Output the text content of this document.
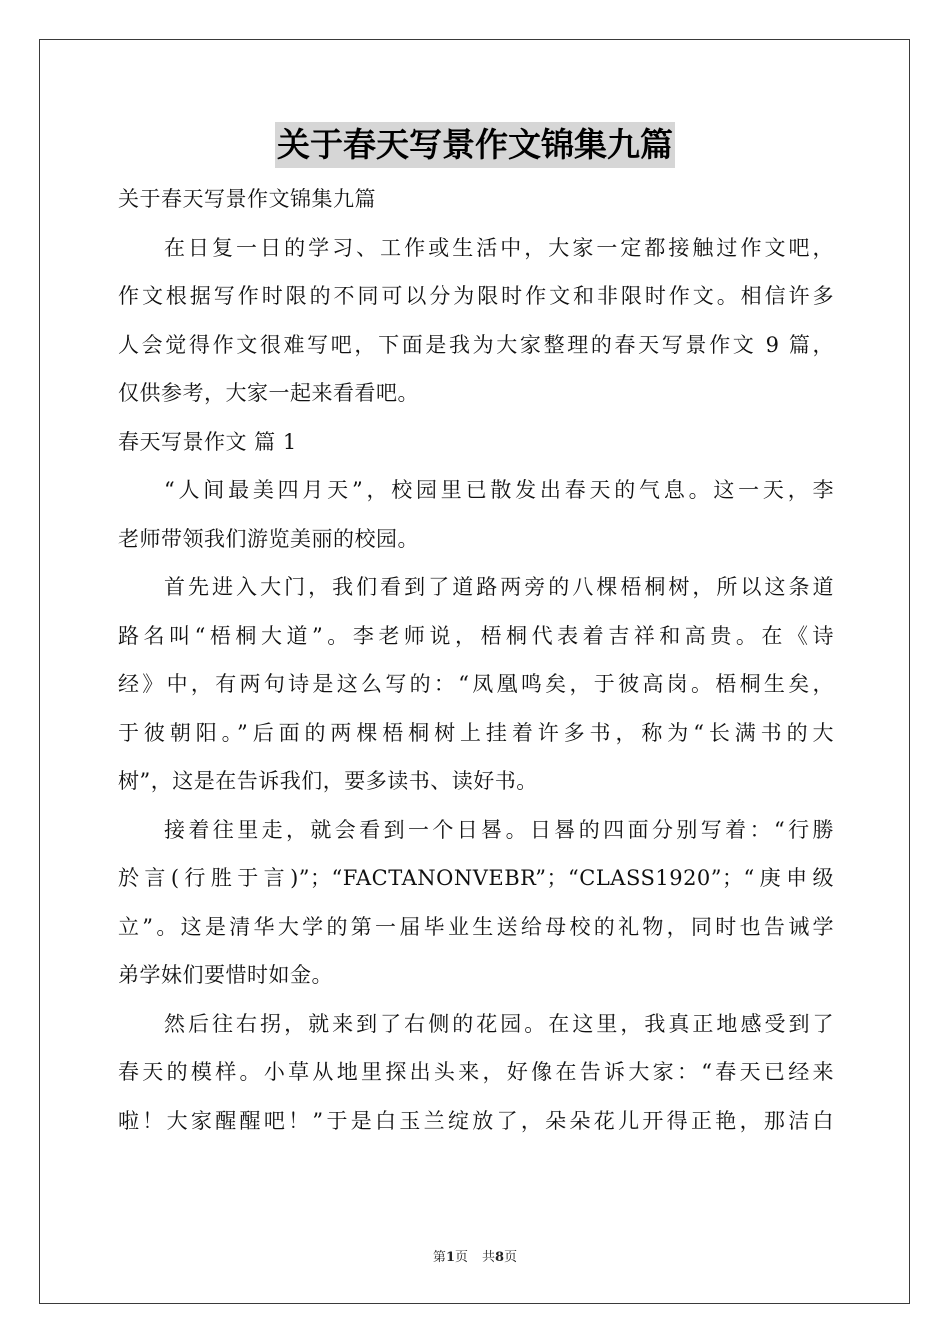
关于春天写景作文锦集九篇
关于春天写景作文锦集九篇
在日复一日的学习、工作或生活中，大家一定都接触过作文吧，
作文根据写作时限的不同可以分为限时作文和非限时作文。相信许多
人会觉得作文很难写吧，下面是我为大家整理的春天写景作文 9 篇，
仅供参考，大家一起来看看吧。
春天写景作文 篇 1
“人间最美四月天”，校园里已散发出春天的气息。这一天，李
老师带领我们游览美丽的校园。
首先进入大门，我们看到了道路两旁的八棵梧桐树，所以这条道
路名叫“梧桐大道”。李老师说，梧桐代表着吉祥和高贵。在《诗
经》中，有两句诗是这么写的：“凤凰鸣矣，于彼高岗。梧桐生矣，
于彼朝阳。”后面的两棵梧桐树上挂着许多书，称为“长满书的大
树”，这是在告诉我们，要多读书、读好书。
接着往里走，就会看到一个日晷。日晷的四面分别写着：“行勝
於言(行胜于言)”；“FACTANONVEBR”；“CLASS1920”；“庚申级
立”。这是清华大学的第一届毕业生送给母校的礼物，同时也告诫学
弟学妹们要惜时如金。
然后往右拐，就来到了右侧的花园。在这里，我真正地感受到了
春天的模样。小草从地里探出头来，好像在告诉大家：“春天已经来
啦！大家醒醒吧！”于是白玉兰绽放了，朵朵花儿开得正艳，那洁白
第1页 共8页
